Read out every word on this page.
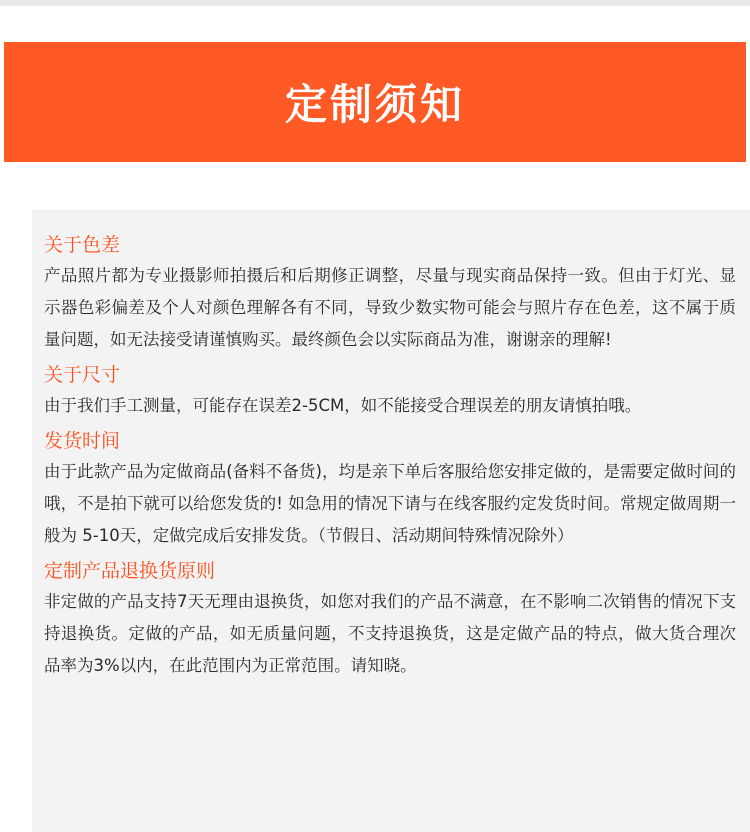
定制须知
关于色差

产品照片都为专业摄影师拍摄后和后期修正调整，尽量与现实商品保持一致。但由于灯光、显示器色彩偏差及个人对颜色理解各有不同，导致少数实物可能会与照片存在色差，这不属于质量问题，如无法接受请谨慎购买。最终颜色会以实际商品为准，谢谢亲的理解!

关于尺寸

由于我们手工测量，可能存在误差2-5CM，如不能接受合理误差的朋友请慎拍哦。

发货时间

由于此款产品为定做商品(备料不备货)，均是亲下单后客服给您安排定做的，是需要定做时间的哦，不是拍下就可以给您发货的! 如急用的情况下请与在线客服约定发货时间。常规定做周期一般为 5-10天，定做完成后安排发货。（节假日、活动期间特殊情况除外）

定制产品退换货原则

非定做的产品支持7天无理由退换货，如您对我们的产品不满意，在不影响二次销售的情况下支持退换货。定做的产品，如无质量问题，不支持退换货，这是定做产品的特点，做大货合理次品率为3%以内，在此范围内为正常范围。请知晓。
